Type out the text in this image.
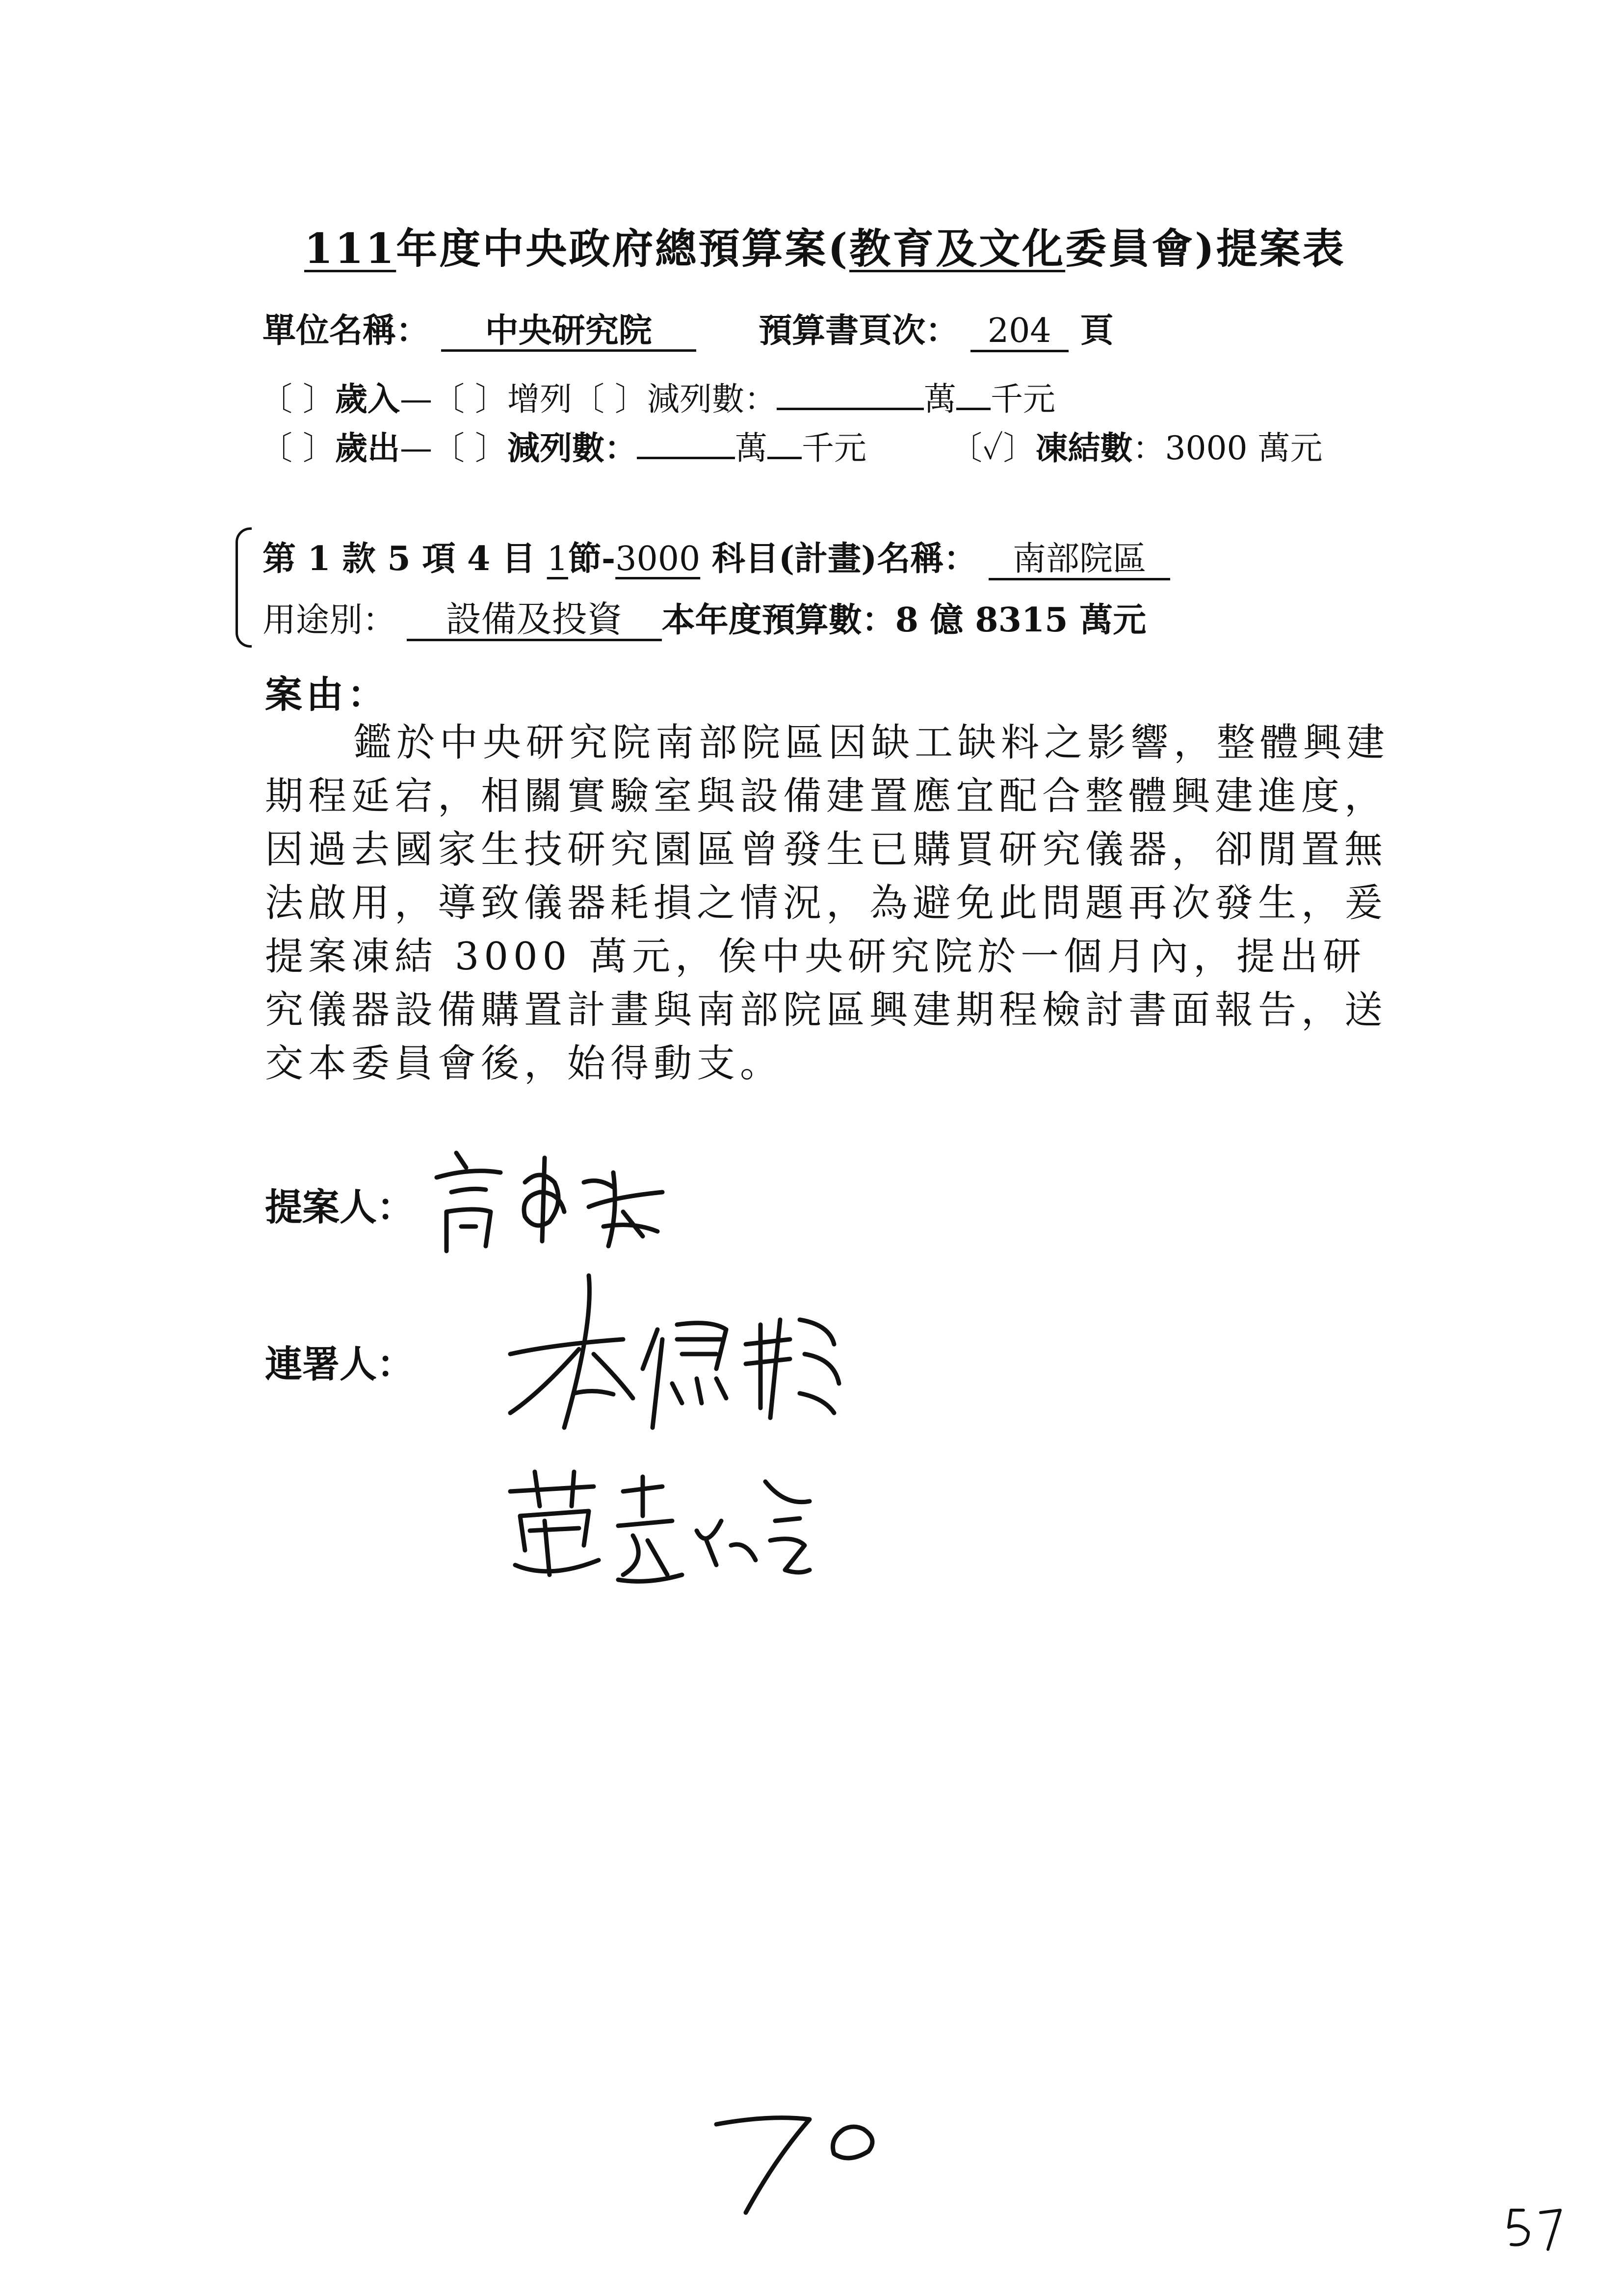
111年度中央政府總預算案(教育及文化委員會)提案表
單位名稱： 中央研究院	預算書頁次： 204 頁
〔 〕歲入—〔 〕增列〔 〕減列數：	萬 千元
〔 〕歲出—〔 〕減列數：	萬 千元	〔✓〕凍結數：3000 萬元
第 1 款 5 項 4 目 1節-3000 科目(計畫)名稱： 南部院區
用途別： 設備及投資 本年度預算數：8 億 8315 萬元
案由：

鑑於中央研究院南部院區因缺工缺料之影響，整體興建期程延宕，相關實驗室與設備建置應宜配合整體興建進度，因過去國家生技研究園區曾發生已購買研究儀器，卻閒置無法啟用，導致儀器耗損之情況，為避免此問題再次發生，爰提案凍結 3000 萬元，俟中央研究院於一個月內，提出研究儀器設備購置計畫與南部院區興建期程檢討書面報告，送交本委員會後，始得動支。

提案人：
連署人：
